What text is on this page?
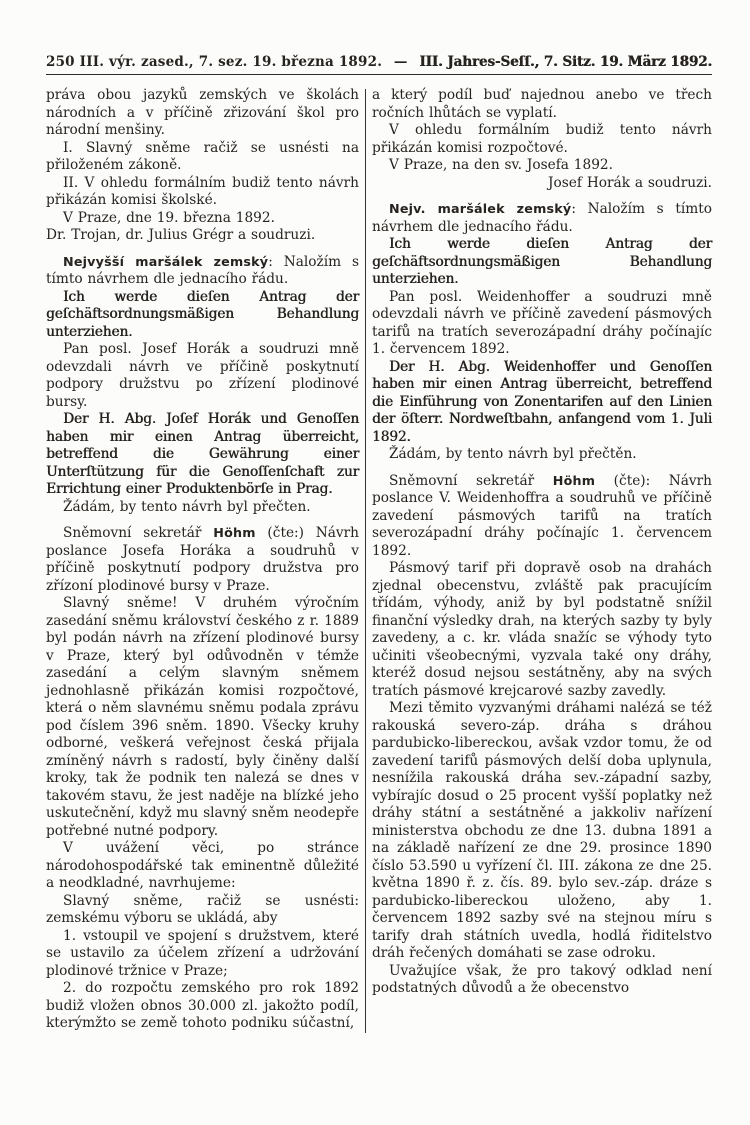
250 III. výr. zased., 7. sez. 19. března 1892. — III. Jahres-Seſſ., 7. Sitz. 19. März 1892.

práva obou jazyků zemských ve školách národních a v příčině zřizování škol pro národní menšiny.

I. Slavný sněme račiž se usnésti na přiloženém zákoně.

II. V ohledu formálním budiž tento návrh přikázán komisi školské.

V Praze, dne 19. března 1892.

Dr. Trojan, dr. Julius Grégr a soudruzi.

Nejvyšší maršálek zemský: Naložím s tímto návrhem dle jednacího řádu.

Ich werde dieſen Antrag der geſchäftsordnungsmäßigen Behandlung unterziehen.

Pan posl. Josef Horák a soudruzi mně odevzdali návrh ve příčině poskytnutí podpory družstvu po zřízení plodinové bursy.

Der H. Abg. Joſef Horák und Genoſſen haben mir einen Antrag überreicht, betreffend die Gewährung einer Unterſtützung für die Genoſſenſchaft zur Errichtung einer Produktenbörſe in Prag.

Žádám, by tento návrh byl přečten.

Sněmovní sekretář Höhm (čte:) Návrh poslance Josefa Horáka a soudruhů v příčině poskytnutí podpory družstva pro zřízoní plodinové bursy v Praze.

Slavný sněme! V druhém výročním zasedání sněmu království českého z r. 1889 byl podán návrh na zřízení plodinové bursy v Praze, který byl odůvodněn v témže zasedání a celým slavným sněmem jednohlasně přikázán komisi rozpočtové, která o něm slavnému sněmu podala zprávu pod číslem 396 sněm. 1890. Všecky kruhy odborné, veškerá veřejnost česká přijala zmíněný návrh s radostí, byly činěny další kroky, tak že podnik ten nalezá se dnes v takovém stavu, že jest naděje na blízké jeho uskutečnění, když mu slavný sněm neodepře potřebné nutné podpory.

V uvážení věci, po stránce národohospodářské tak eminentně důležité a neodkladné, navrhujeme:

Slavný sněme, račiž se usnésti: zemskému výboru se ukládá, aby

1. vstoupil ve spojení s družstvem, které se ustavilo za účelem zřízení a udržování plodinové tržnice v Praze;

2. do rozpočtu zemského pro rok 1892 budiž vložen obnos 30.000 zl. jakožto podíl, kterýmžto se země tohoto podniku súčastní,

a který podíl buď najednou anebo ve třech ročních lhůtách se vyplatí.

V ohledu formálním budiž tento návrh přikázán komisi rozpočtové.

V Praze, na den sv. Josefa 1892.

Josef Horák a soudruzi.

Nejv. maršálek zemský: Naložím s tímto návrhem dle jednacího řádu.

Ich werde dieſen Antrag der geſchäftsordnungsmäßigen Behandlung unterziehen.

Pan posl. Weidenhoffer a soudruzi mně odevzdali návrh ve příčině zavedení pásmových tarifů na tratích severozápadní dráhy počínajíc 1. červencem 1892.

Der H. Abg. Weidenhoffer und Genoſſen haben mir einen Antrag überreicht, betreffend die Einführung von Zonentarifen auf den Linien der öſterr. Nordweſtbahn, anfangend vom 1. Juli 1892.

Žádám, by tento návrh byl přečtěn.

Sněmovní sekretář Höhm (čte): Návrh poslance V. Weidenhoffra a soudruhů ve příčině zavedení pásmových tarifů na tratích severozápadní dráhy počínajíc 1. červencem 1892.

Pásmový tarif při dopravě osob na drahách zjednal obecenstvu, zvláště pak pracujícím třídám, výhody, aniž by byl podstatně snížil finanční výsledky drah, na kterých sazby ty byly zavedeny, a c. kr. vláda snažíc se výhody tyto učiniti všeobecnými, vyzvala také ony dráhy, kteréž dosud nejsou sestátněny, aby na svých tratích pásmové krejcarové sazby zavedly.

Mezi těmito vyzvanými dráhami nalézá se též rakouská severo-záp. dráha s dráhou pardubicko-libereckou, avšak vzdor tomu, že od zavedení tarifů pásmových delší doba uplynula, nesnížila rakouská dráha sev.-západní sazby, vybírajíc dosud o 25 procent vyšší poplatky než dráhy státní a sestátněné a jakkoliv nařízení ministerstva obchodu ze dne 13. dubna 1891 a na základě nařízení ze dne 29. prosince 1890 číslo 53.590 u vyřízení čl. III. zákona ze dne 25. května 1890 ř. z. čís. 89. bylo sev.-záp. dráze s pardubicko-libereckou uloženo, aby 1. červencem 1892 sazby své na stejnou míru s tarify drah státních uvedla, hodlá řiditelstvo dráh řečených domáhati se zase odroku.

Uvažujíce však, že pro takový odklad není podstatných důvodů a že obecenstvo
